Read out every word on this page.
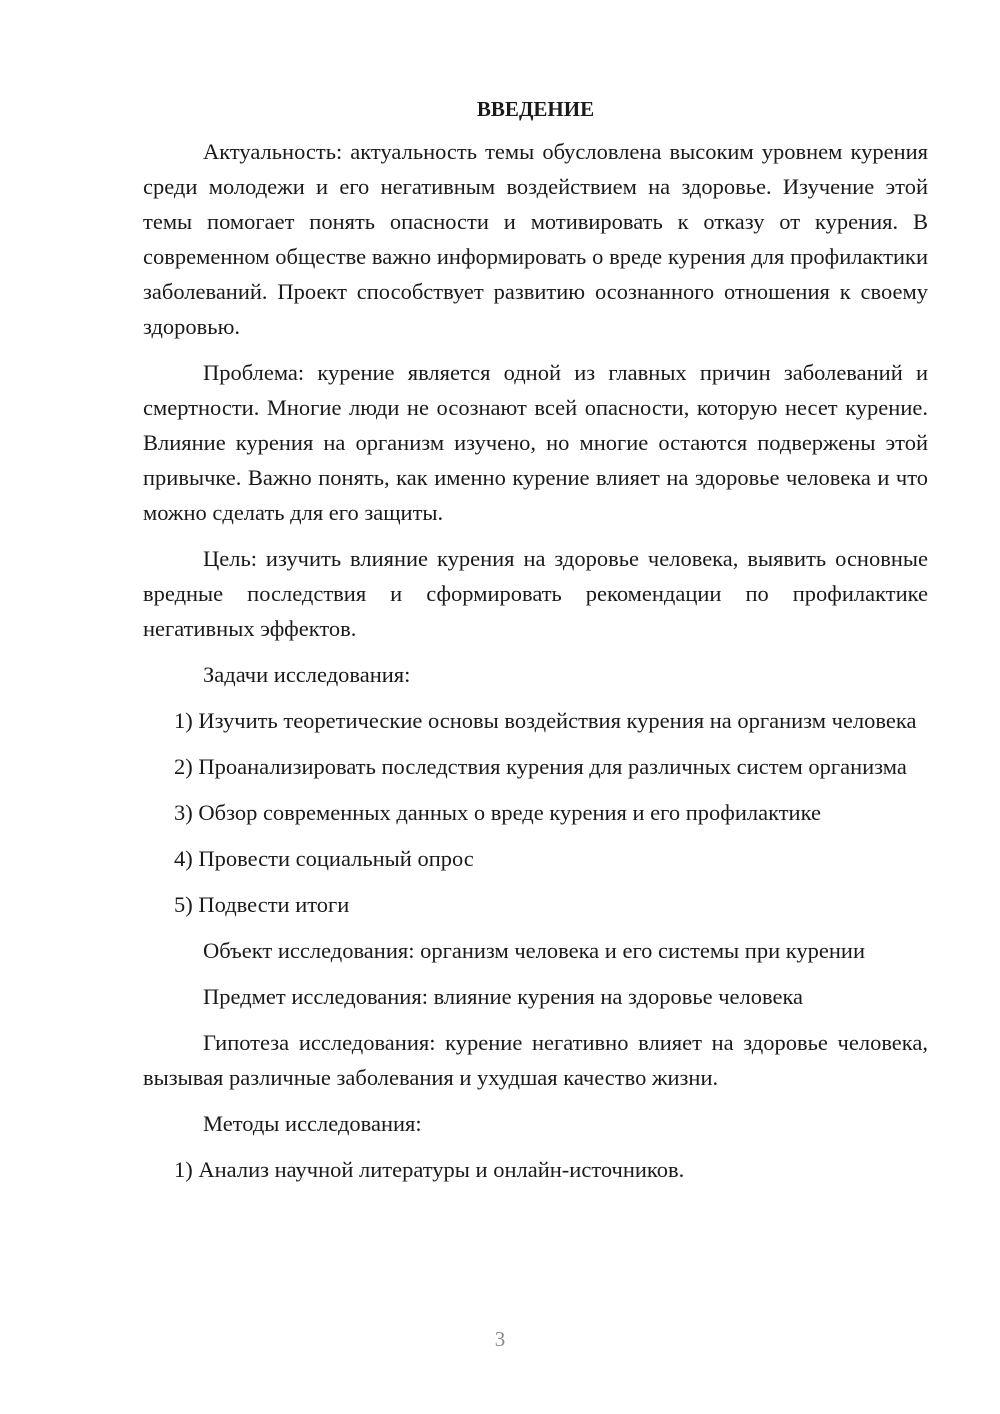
ВВЕДЕНИЕ

Актуальность: актуальность темы обусловлена высоким уровнем курения среди молодежи и его негативным воздействием на здоровье. Изучение этой темы помогает понять опасности и мотивировать к отказу от курения. В современном обществе важно информировать о вреде курения для профилактики заболеваний. Проект способствует развитию осознанного отношения к своему здоровью.

Проблема: курение является одной из главных причин заболеваний и смертности. Многие люди не осознают всей опасности, которую несет курение. Влияние курения на организм изучено, но многие остаются подвержены этой привычке. Важно понять, как именно курение влияет на здоровье человека и что можно сделать для его защиты.

Цель: изучить влияние курения на здоровье человека, выявить основные вредные последствия и сформировать рекомендации по профилактике негативных эффектов.

Задачи исследования:

1) Изучить теоретические основы воздействия курения на организм человека

2) Проанализировать последствия курения для различных систем организма

3) Обзор современных данных о вреде курения и его профилактике

4) Провести социальный опрос

5) Подвести итоги

Объект исследования: организм человека и его системы при курении

Предмет исследования: влияние курения на здоровье человека

Гипотеза исследования: курение негативно влияет на здоровье человека, вызывая различные заболевания и ухудшая качество жизни.

Методы исследования:

1) Анализ научной литературы и онлайн-источников.

3
